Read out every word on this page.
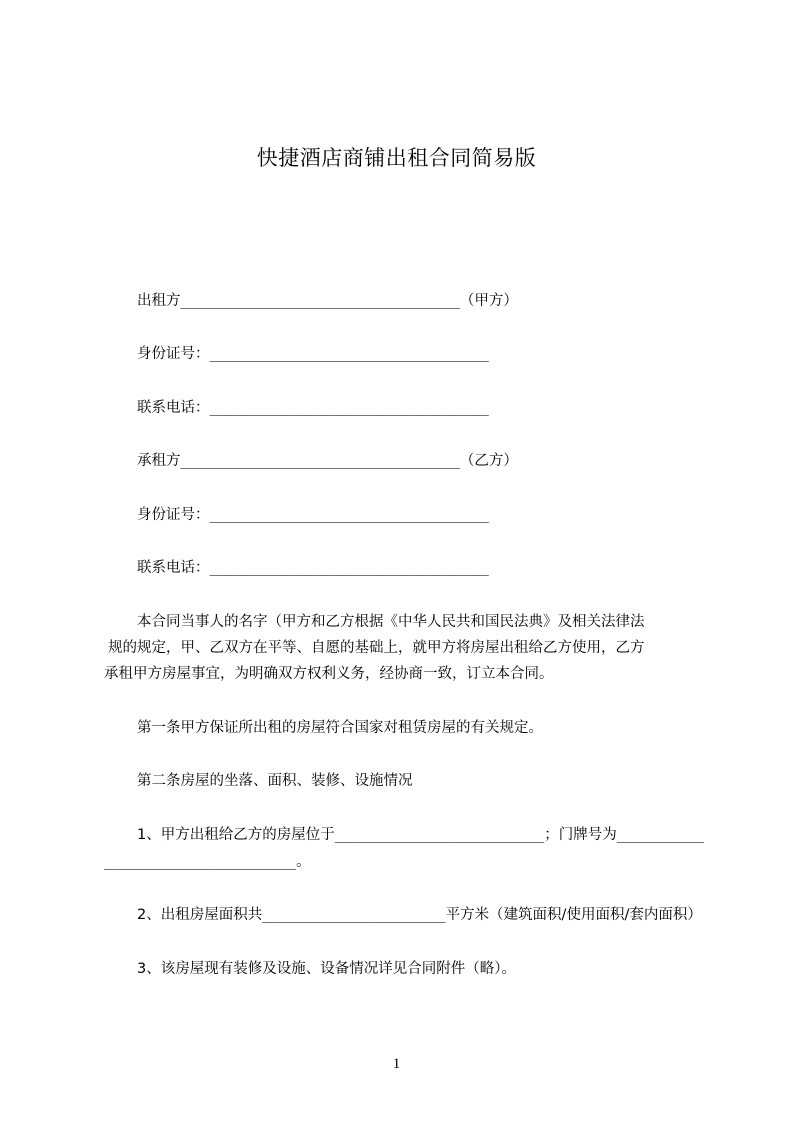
快捷酒店商铺出租合同简易版
出租方________________________________（甲方）
身份证号：________________________________
联系电话：________________________________
承租方________________________________（乙方）
身份证号：________________________________
联系电话：________________________________
本合同当事人的名字（甲方和乙方根据《中华人民共和国民法典》及相关法律法
规的规定，甲、乙双方在平等、自愿的基础上，就甲方将房屋出租给乙方使用，乙方
承租甲方房屋事宜，为明确双方权利义务，经协商一致，订立本合同。
第一条甲方保证所出租的房屋符合国家对租赁房屋的有关规定。
第二条房屋的坐落、面积、装修、设施情况
1、甲方出租给乙方的房屋位于________________________；门牌号为__________
______________________。
2、出租房屋面积共_____________________平方米（建筑面积/使用面积/套内面积）
3、该房屋现有装修及设施、设备情况详见合同附件（略）。
1
